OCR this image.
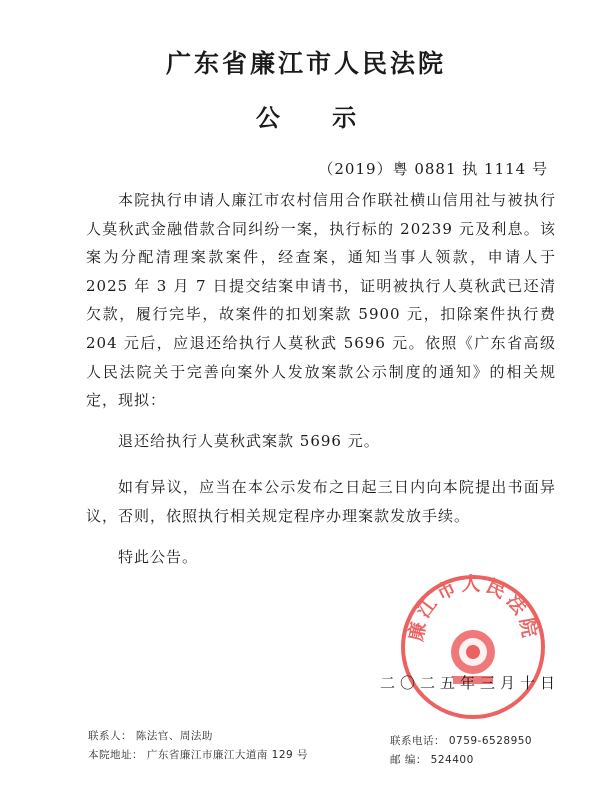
广东省廉江市人民法院
公 示
（2019）粤 0881 执 1114 号

本院执行申请人廉江市农村信用合作联社横山信用社与被执行人莫秋武金融借款合同纠纷一案，执行标的 20239 元及利息。该案为分配清理案款案件，经查案，通知当事人领款，申请人于 2025 年 3 月 7 日提交结案申请书，证明被执行人莫秋武已还清欠款，履行完毕，故案件的扣划案款 5900 元，扣除案件执行费 204 元后，应退还给执行人莫秋武 5696 元。依照《广东省高级人民法院关于完善向案外人发放案款公示制度的通知》的相关规定，现拟：

退还给执行人莫秋武案款 5696 元。

如有异议，应当在本公示发布之日起三日内向本院提出书面异议，否则，依照执行相关规定程序办理案款发放手续。

特此公告。

廉江市人民法院
二〇二五年三月十日
联系人： 陈法官、周法助
本院地址： 广东省廉江市廉江大道南 129 号
联系电话： 0759-6528950
邮 编： 524400
